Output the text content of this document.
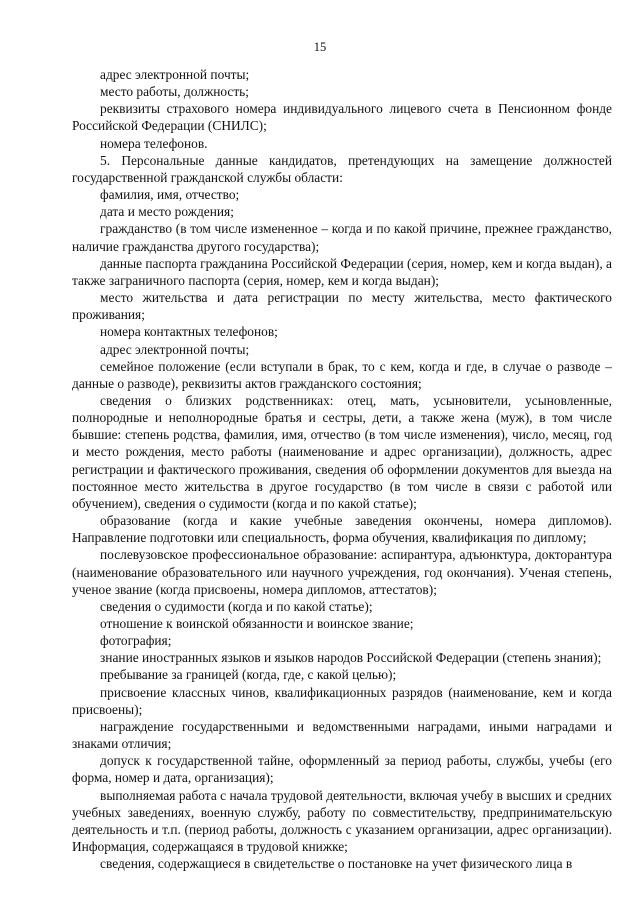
15

адрес электронной почты;

место работы, должность;

реквизиты страхового номера индивидуального лицевого счета в Пенсионном фонде Российской Федерации (СНИЛС);

номера телефонов.

5. Персональные данные кандидатов, претендующих на замещение должностей государственной гражданской службы области:

фамилия, имя, отчество;

дата и место рождения;

гражданство (в том числе измененное – когда и по какой причине, прежнее гражданство, наличие гражданства другого государства);

данные паспорта гражданина Российской Федерации (серия, номер, кем и когда выдан), а также заграничного паспорта (серия, номер, кем и когда выдан);

место жительства и дата регистрации по месту жительства, место фактического проживания;

номера контактных телефонов;

адрес электронной почты;

семейное положение (если вступали в брак, то с кем, когда и где, в случае о разводе – данные о разводе), реквизиты актов гражданского состояния;

сведения о близких родственниках: отец, мать, усыновители, усыновленные, полнородные и неполнородные братья и сестры, дети, а также жена (муж), в том числе бывшие: степень родства, фамилия, имя, отчество (в том числе изменения), число, месяц, год и место рождения, место работы (наименование и адрес организации), должность, адрес регистрации и фактического проживания, сведения об оформлении документов для выезда на постоянное место жительства в другое государство (в том числе в связи с работой или обучением), сведения о судимости (когда и по какой статье);

образование (когда и какие учебные заведения окончены, номера дипломов). Направление подготовки или специальность, форма обучения, квалификация по диплому;

послевузовское профессиональное образование: аспирантура, адъюнктура, докторантура (наименование образовательного или научного учреждения, год окончания). Ученая степень, ученое звание (когда присвоены, номера дипломов, аттестатов);

сведения о судимости (когда и по какой статье);

отношение к воинской обязанности и воинское звание;

фотография;

знание иностранных языков и языков народов Российской Федерации (степень знания);

пребывание за границей (когда, где, с какой целью);

присвоение классных чинов, квалификационных разрядов (наименование, кем и когда присвоены);

награждение государственными и ведомственными наградами, иными наградами и знаками отличия;

допуск к государственной тайне, оформленный за период работы, службы, учебы (его форма, номер и дата, организация);

выполняемая работа с начала трудовой деятельности, включая учебу в высших и средних учебных заведениях, военную службу, работу по совместительству, предпринимательскую деятельность и т.п. (период работы, должность с указанием организации, адрес организации). Информация, содержащаяся в трудовой книжке;

сведения, содержащиеся в свидетельстве о постановке на учет физического лица в
